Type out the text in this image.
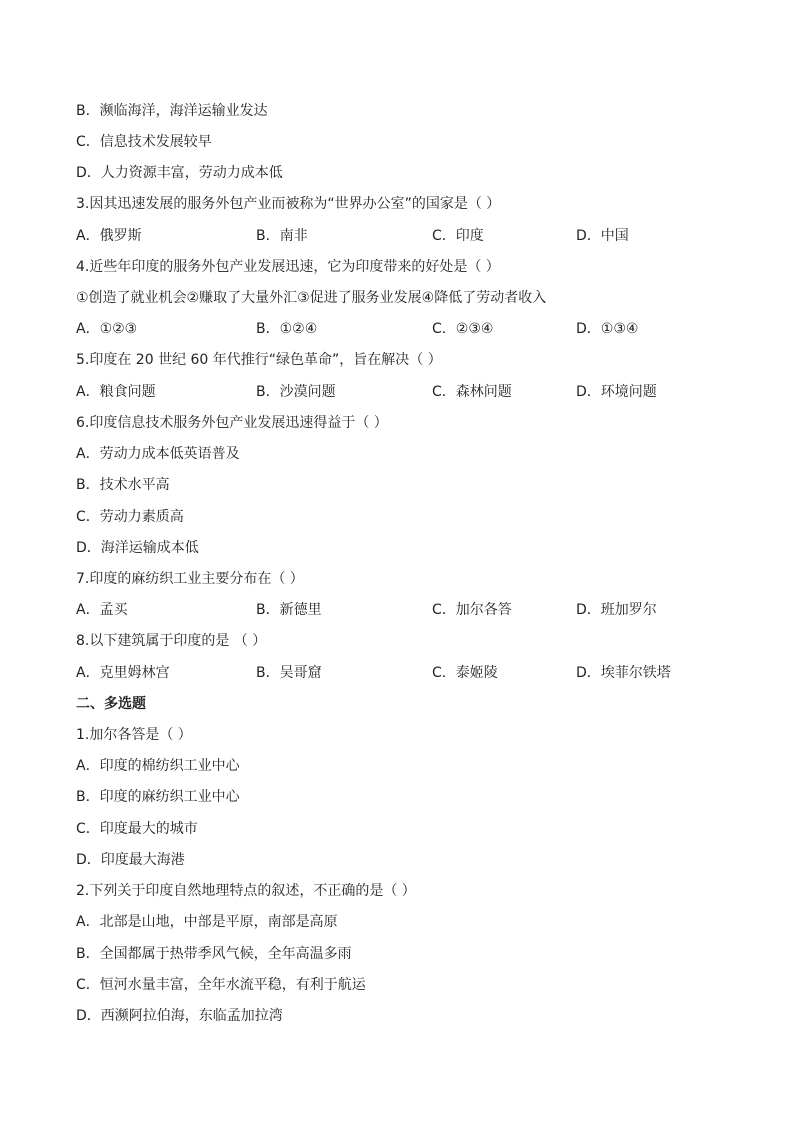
B．濒临海洋，海洋运输业发达
C．信息技术发展较早
D．人力资源丰富，劳动力成本低
3.因其迅速发展的服务外包产业而被称为“世界办公室”的国家是（ ）
A．俄罗斯	B．南非	C．印度	D．中国
4.近些年印度的服务外包产业发展迅速，它为印度带来的好处是（ ）
①创造了就业机会②赚取了大量外汇③促进了服务业发展④降低了劳动者收入
A．①②③	B．①②④	C．②③④	D．①③④
5.印度在 20 世纪 60 年代推行“绿色革命”，旨在解决（ ）
A．粮食问题	B．沙漠问题	C．森林问题	D．环境问题
6.印度信息技术服务外包产业发展迅速得益于（ ）
A．劳动力成本低英语普及
B．技术水平高
C．劳动力素质高
D．海洋运输成本低
7.印度的麻纺织工业主要分布在（ ）
A．孟买	B．新德里	C．加尔各答	D．班加罗尔
8.以下建筑属于印度的是 （ ）
A．克里姆林宫	B．吴哥窟	C．泰姬陵	D．埃菲尔铁塔
二、多选题
1.加尔各答是（ ）
A．印度的棉纺织工业中心
B．印度的麻纺织工业中心
C．印度最大的城市
D．印度最大海港
2.下列关于印度自然地理特点的叙述，不正确的是（ ）
A．北部是山地，中部是平原，南部是高原
B．全国都属于热带季风气候，全年高温多雨
C．恒河水量丰富，全年水流平稳，有利于航运
D．西濒阿拉伯海，东临孟加拉湾
